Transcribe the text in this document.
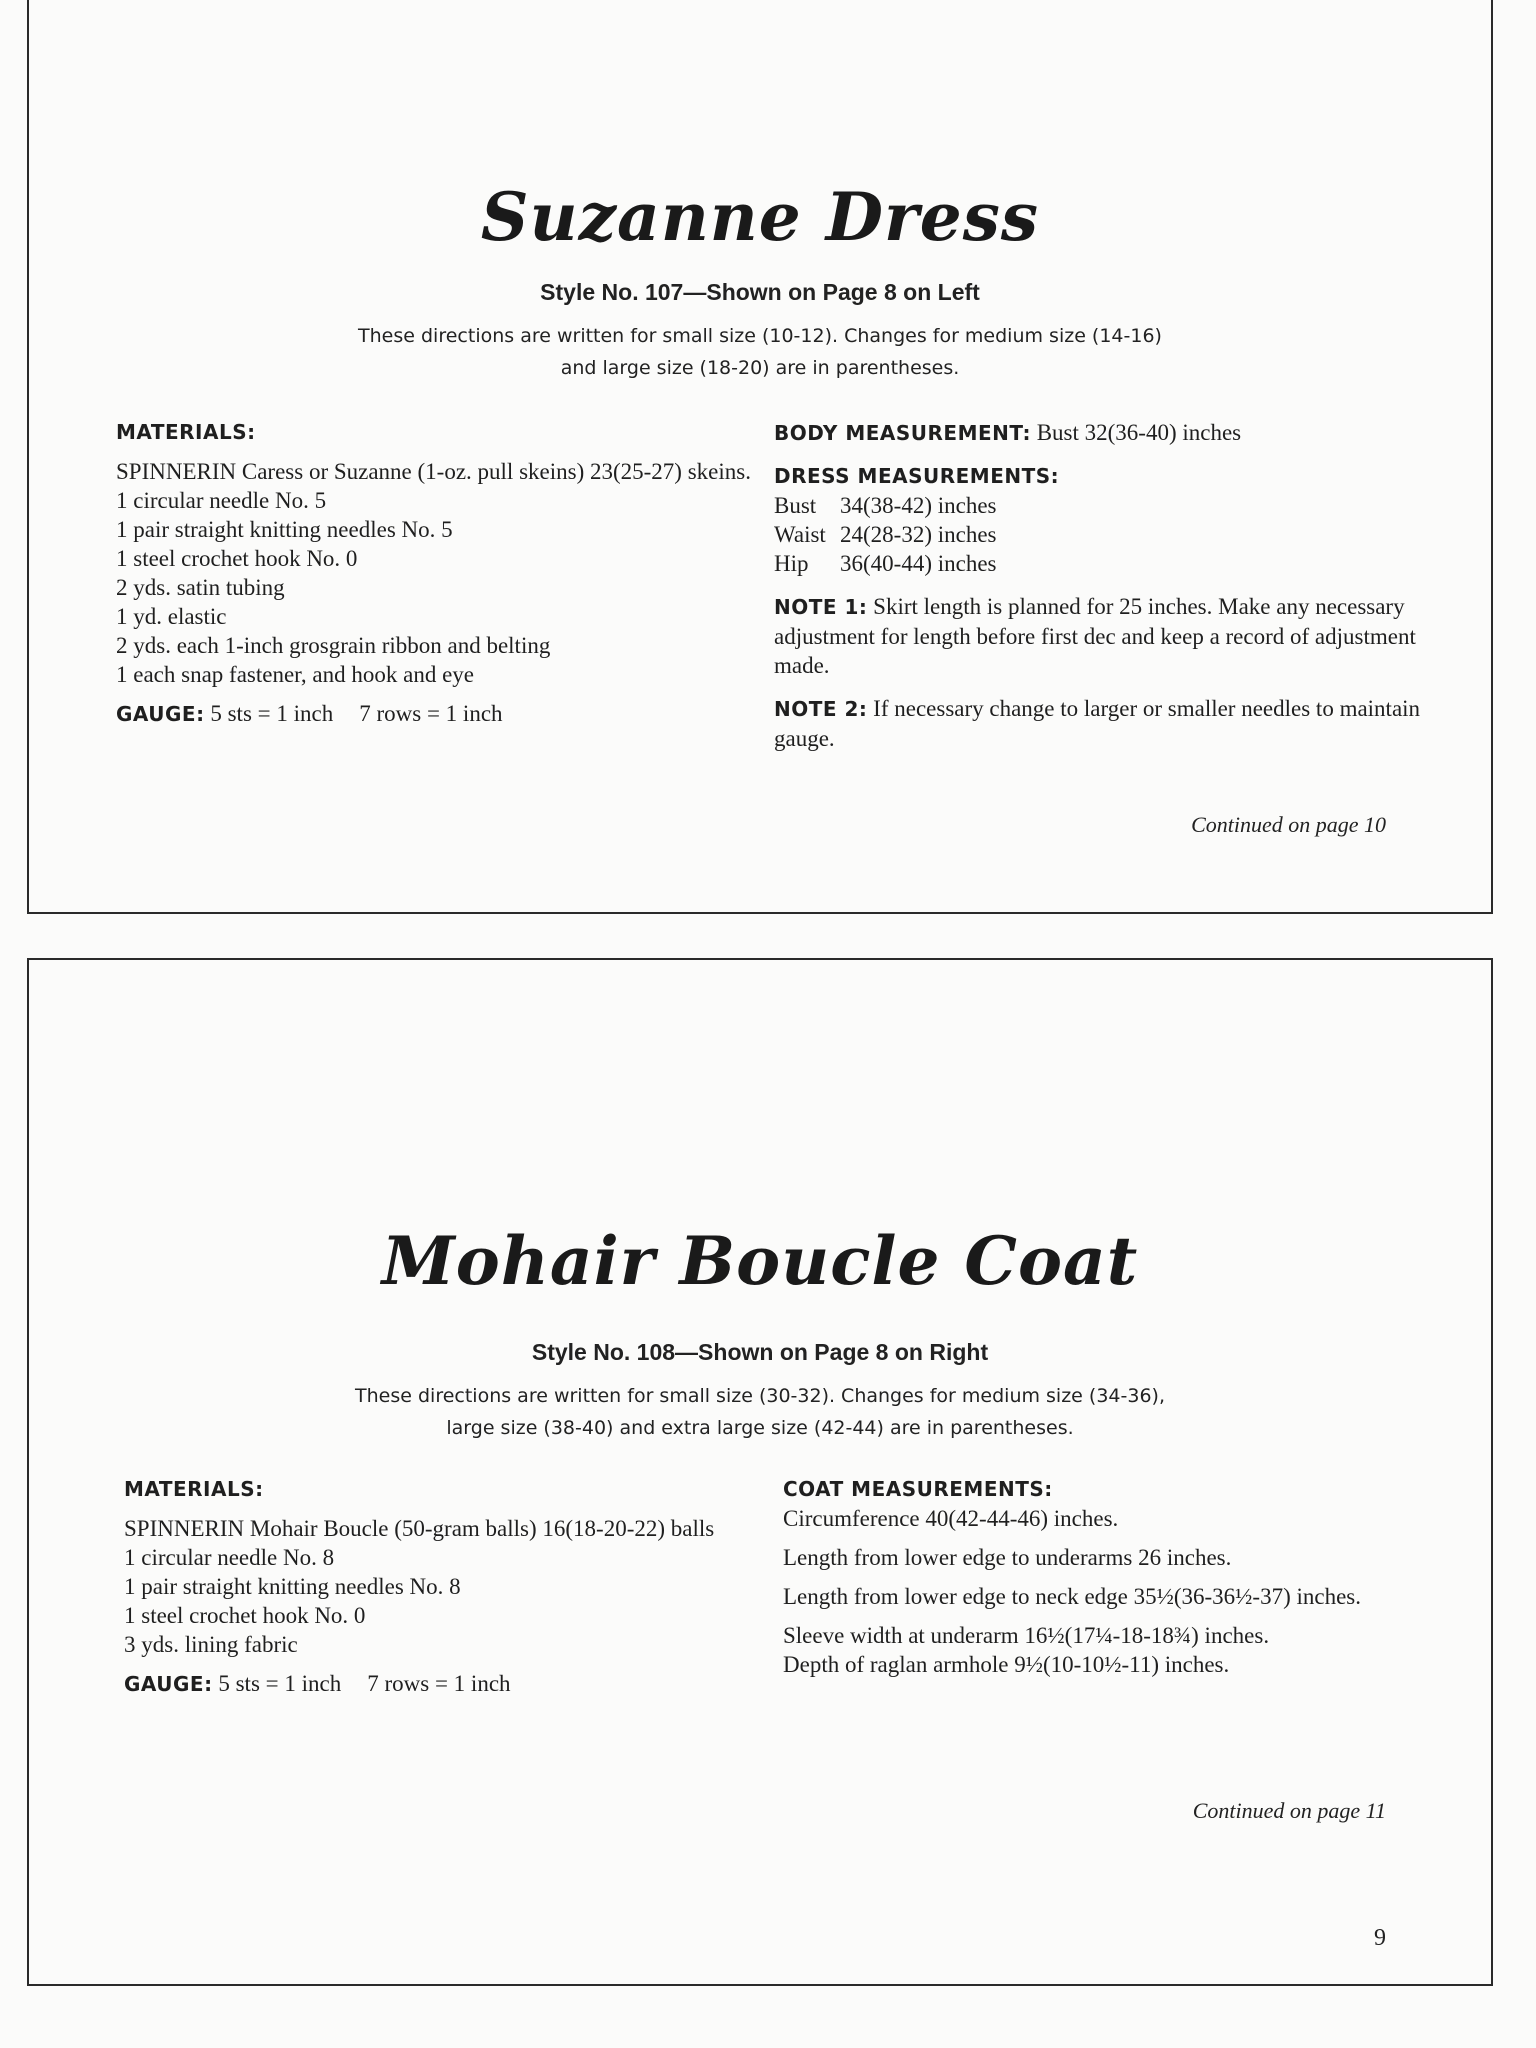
Suzanne Dress
Style No. 107—Shown on Page 8 on Left
These directions are written for small size (10-12). Changes for medium size (14-16)
and large size (18-20) are in parentheses.
MATERIALS:
SPINNERIN Caress or Suzanne (1-oz. pull skeins) 23(25-27) skeins.
1 circular needle No. 5
1 pair straight knitting needles No. 5
1 steel crochet hook No. 0
2 yds. satin tubing
1 yd. elastic
2 yds. each 1-inch grosgrain ribbon and belting
1 each snap fastener, and hook and eye
GAUGE: 5 sts = 1 inch 7 rows = 1 inch
BODY MEASUREMENT: Bust 32(36-40) inches
DRESS MEASUREMENTS:
Bust 34(38-42) inches
Waist 24(28-32) inches
Hip 36(40-44) inches
NOTE 1: Skirt length is planned for 25 inches. Make any necessary adjustment for length before first dec and keep a record of adjustment made.
NOTE 2: If necessary change to larger or smaller needles to maintain gauge.
Continued on page 10
Mohair Boucle Coat
Style No. 108—Shown on Page 8 on Right
These directions are written for small size (30-32). Changes for medium size (34-36),
large size (38-40) and extra large size (42-44) are in parentheses.
MATERIALS:
SPINNERIN Mohair Boucle (50-gram balls) 16(18-20-22) balls
1 circular needle No. 8
1 pair straight knitting needles No. 8
1 steel crochet hook No. 0
3 yds. lining fabric
GAUGE: 5 sts = 1 inch 7 rows = 1 inch
COAT MEASUREMENTS:
Circumference 40(42-44-46) inches.
Length from lower edge to underarms 26 inches.
Length from lower edge to neck edge 35½(36-36½-37) inches.
Sleeve width at underarm 16½(17¼-18-18¾) inches.
Depth of raglan armhole 9½(10-10½-11) inches.
Continued on page 11
9
